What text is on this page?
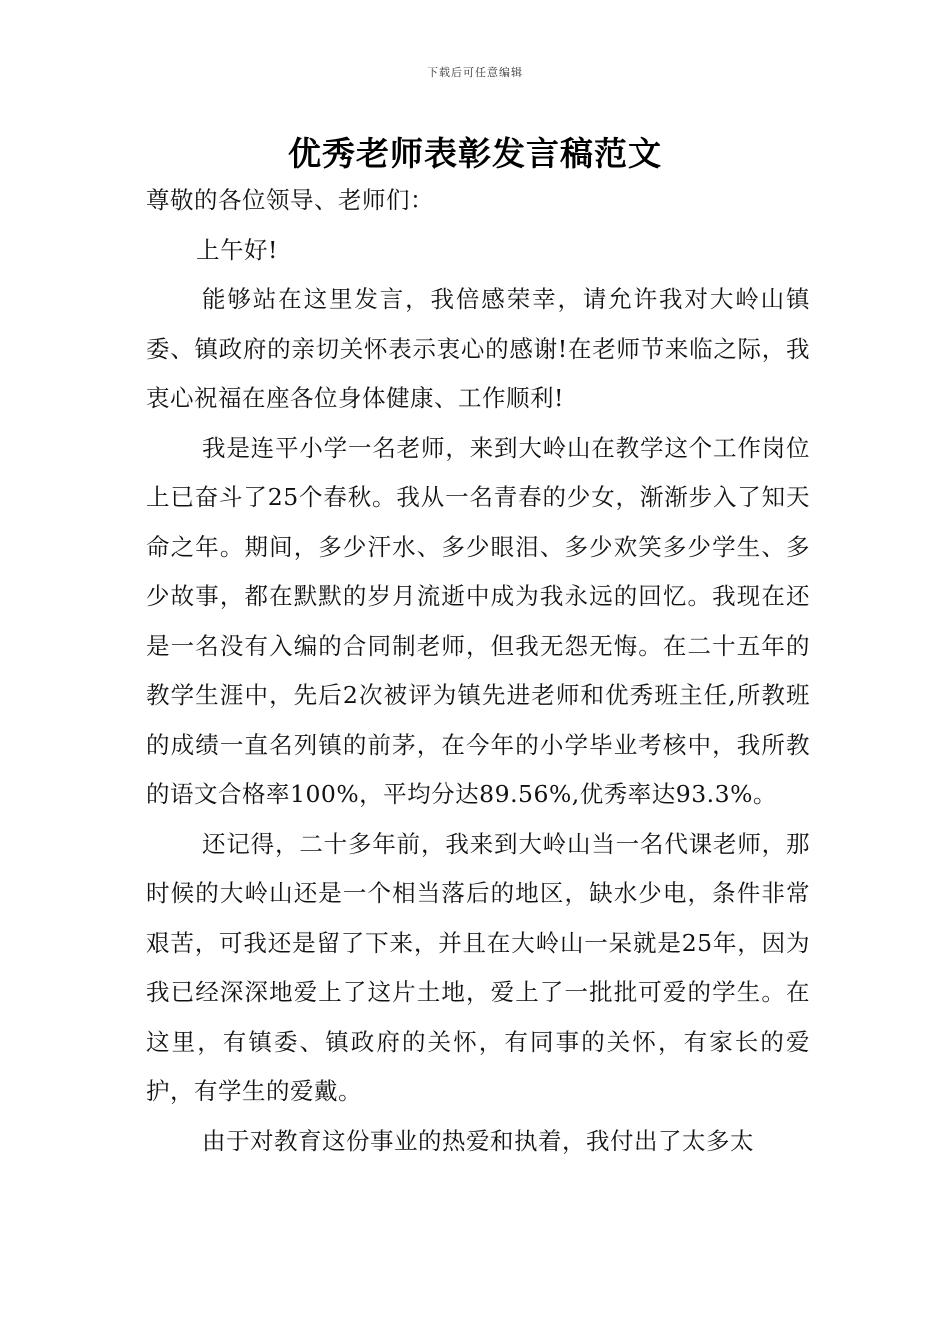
下载后可任意编辑
优秀老师表彰发言稿范文

尊敬的各位领导、老师们：

上午好!

能够站在这里发言，我倍感荣幸，请允许我对大岭山镇委、镇政府的亲切关怀表示衷心的感谢!在老师节来临之际，我衷心祝福在座各位身体健康、工作顺利!

我是连平小学一名老师，来到大岭山在教学这个工作岗位上已奋斗了25个春秋。我从一名青春的少女，渐渐步入了知天命之年。期间，多少汗水、多少眼泪、多少欢笑多少学生、多少故事，都在默默的岁月流逝中成为我永远的回忆。我现在还是一名没有入编的合同制老师，但我无怨无悔。在二十五年的教学生涯中，先后2次被评为镇先进老师和优秀班主任,所教班的成绩一直名列镇的前茅，在今年的小学毕业考核中，我所教的语文合格率100%，平均分达89.56%,优秀率达93.3%。

还记得，二十多年前，我来到大岭山当一名代课老师，那时候的大岭山还是一个相当落后的地区，缺水少电，条件非常艰苦，可我还是留了下来，并且在大岭山一呆就是25年，因为我已经深深地爱上了这片土地，爱上了一批批可爱的学生。在这里，有镇委、镇政府的关怀，有同事的关怀，有家长的爱护，有学生的爱戴。

由于对教育这份事业的热爱和执着，我付出了太多太
